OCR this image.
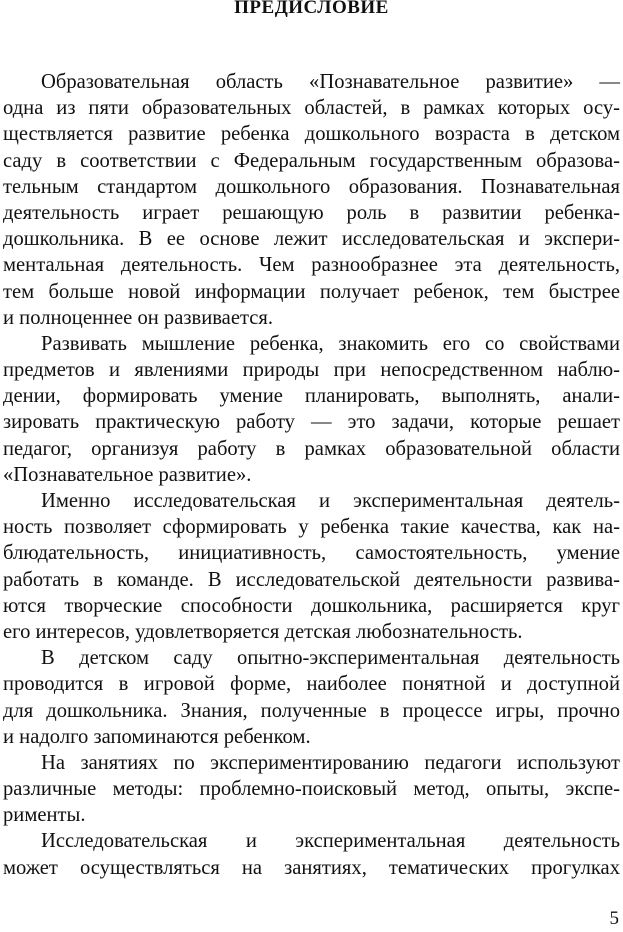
ПРЕДИСЛОВИЕ
Образовательная область «Познавательное развитие» —
одна из пяти образовательных областей, в рамках которых осу-
ществляется развитие ребенка дошкольного возраста в детском
саду в соответствии с Федеральным государственным образова-
тельным стандартом дошкольного образования. Познавательная
деятельность играет решающую роль в развитии ребенка-
дошкольника. В ее основе лежит исследовательская и экспери-
ментальная деятельность. Чем разнообразнее эта деятельность,
тем больше новой информации получает ребенок, тем быстрее
и полноценнее он развивается.
Развивать мышление ребенка, знакомить его со свойствами
предметов и явлениями природы при непосредственном наблю-
дении, формировать умение планировать, выполнять, анали-
зировать практическую работу — это задачи, которые решает
педагог, организуя работу в рамках образовательной области
«Познавательное развитие».
Именно исследовательская и экспериментальная деятель-
ность позволяет сформировать у ребенка такие качества, как на-
блюдательность, инициативность, самостоятельность, умение
работать в команде. В исследовательской деятельности развива-
ются творческие способности дошкольника, расширяется круг
его интересов, удовлетворяется детская любознательность.
В детском саду опытно-экспериментальная деятельность
проводится в игровой форме, наиболее понятной и доступной
для дошкольника. Знания, полученные в процессе игры, прочно
и надолго запоминаются ребенком.
На занятиях по экспериментированию педагоги используют
различные методы: проблемно-поисковый метод, опыты, экспе-
рименты.
Исследовательская и экспериментальная деятельность
может осуществляться на занятиях, тематических прогулках
5
